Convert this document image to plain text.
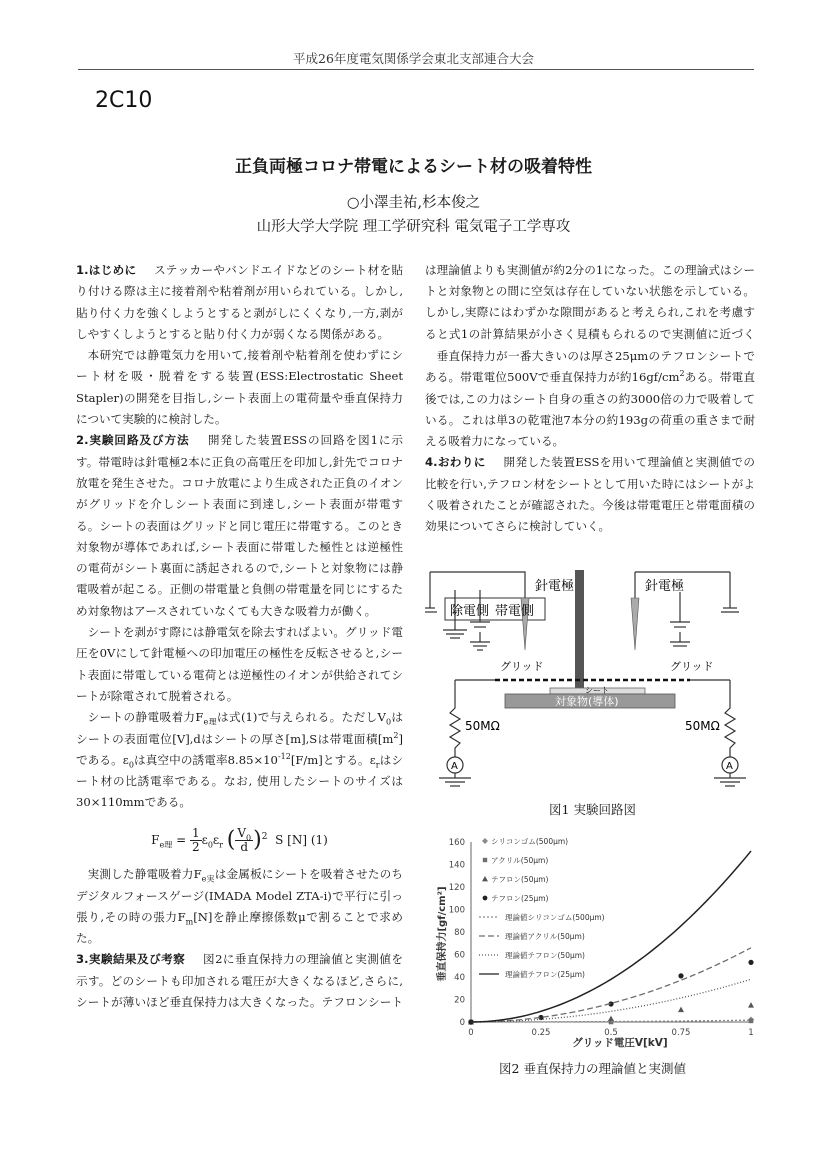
平成26年度電気関係学会東北支部連合大会
2C10
正負両極コロナ帯電によるシート材の吸着特性
○小澤圭祐,杉本俊之
山形大学大学院 理工学研究科 電気電子工学専攻

1.はじめに   ステッカーやバンドエイドなどのシート材を貼り付ける際は主に接着剤や粘着剤が用いられている。しかし,貼り付く力を強くしようとすると剥がしにくくなり,一方,剥がしやすくしようとすると貼り付く力が弱くなる関係がある。

本研究では静電気力を用いて,接着剤や粘着剤を使わずにシート材を吸・脱着をする装置(ESS:Electrostatic Sheet Stapler)の開発を目指し,シート表面上の電荷量や垂直保持力について実験的に検討した。

2.実験回路及び方法   開発した装置ESSの回路を図1に示す。帯電時は針電極2本に正負の高電圧を印加し,針先でコロナ放電を発生させた。コロナ放電により生成された正負のイオンがグリッドを介しシート表面に到達し,シート表面が帯電する。シートの表面はグリッドと同じ電圧に帯電する。このとき対象物が導体であれば,シート表面に帯電した極性とは逆極性の電荷がシート裏面に誘起されるので,シートと対象物には静電吸着が起こる。正側の帯電量と負側の帯電量を同じにするため対象物はアースされていなくても大きな吸着力が働く。

シートを剥がす際には静電気を除去すればよい。グリッド電圧を0Vにして針電極への印加電圧の極性を反転させると,シート表面に帯電している電荷とは逆極性のイオンが供給されてシートが除電されて脱着される。

シートの静電吸着力$F_{e理}$は式(1)で与えられる。ただし$V_0$はシートの表面電位[V],dはシートの厚さ[m],Sは帯電面積$[m^2]$である。$\varepsilon_0$は真空中の誘電率$8.85\times 10^{-12}[F/m]$とする。$\varepsilon_r$はシート材の比誘電率である。なお, 使用したシートのサイズは30×110mmである。

$F_{e理} = \frac{1}{2} \varepsilon_0\varepsilon_r$ ( $\frac{V_0}{d} )^2$ S [N] (1)

実測した静電吸着力$F_{e実}$は金属板にシートを吸着させたのちデジタルフォースゲージ(IMADA Model ZTA-i)で平行に引っ張り,その時の張力$F_m[N]$を静止摩擦係数μで割ることで求めた。

3.実験結果及び考察   図2に垂直保持力の理論値と実測値を示す。どのシートも印加される電圧が大きくなるほど,さらに,シートが薄いほど垂直保持力は大きくなった。テフロンシート

は理論値よりも実測値が約2分の1になった。この理論式はシートと対象物との間に空気は存在していない状態を示している。しかし,実際にはわずかな隙間があると考えられ,これを考慮すると式1の計算結果が小さく見積もられるので実測値に近づく

垂直保持力が一番大きいのは厚さ25μmのテフロンシートである。帯電電位500Vで垂直保持力が約$16gf/cm^2$ある。帯電直後では,この力はシート自身の重さの約3000倍の力で吸着している。これは単3の乾電池7本分の約193gの荷重の重さまで耐える吸着力になっている。

4.おわりに   開発した装置ESSを用いて理論値と実測値での比較を行い,テフロン材をシートとして用いた時にはシートがよく吸着されたことが確認された。今後は帯電電圧と帯電面積の効果についてさらに検討していく。

針電極	針電極
除電側 帯電側
グリッド	グリッド
シート
対象物(導体)
50MΩ	50MΩ
A	A
図1 実験回路図
0	0.25	0.5	0.75	1
0
20
40
60
80
100
120
140
160	シリコンゴム(500μm)
アクリル(50μm)
テフロン(50μm)
テフロン(25μm)
理論値シリコンゴム(500μm)
理論値アクリル(50μm)
理論値テフロン(50μm)
理論値テフロン(25μm)
垂直保持力[gf/cm²]
グリッド電圧V[kV]
図2 垂直保持力の理論値と実測値
